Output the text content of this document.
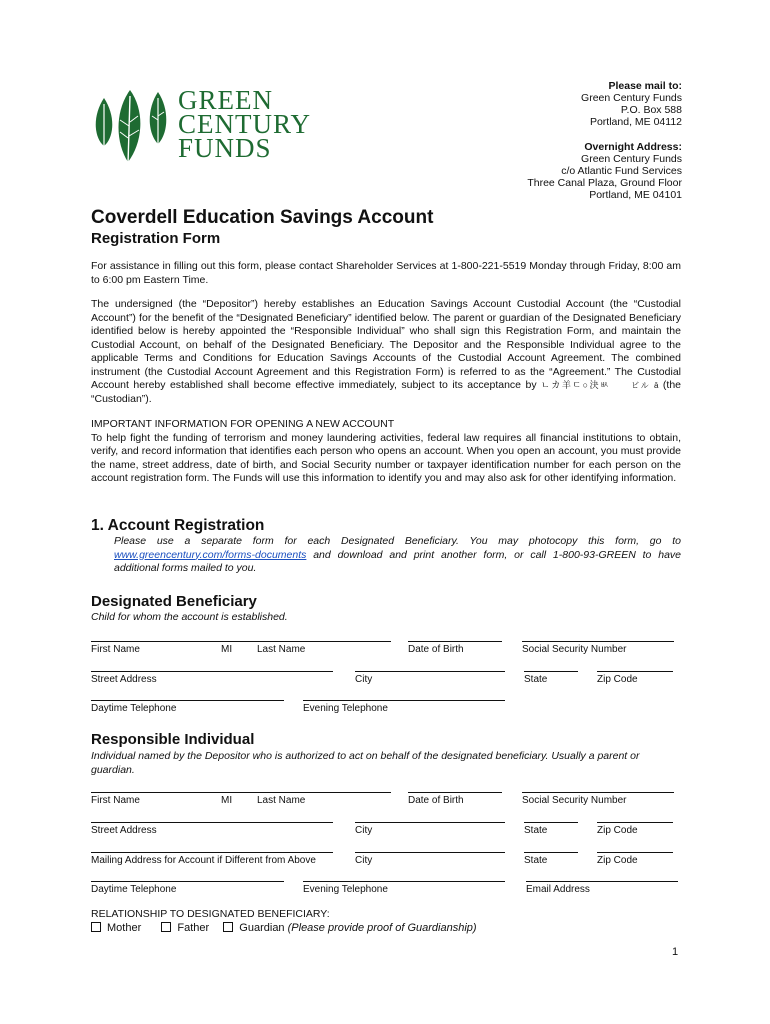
GREEN
CENTURY
FUNDS
Please mail to:
Green Century Funds
P.O. Box 588
Portland, ME 04112
Overnight Address:
Green Century Funds
c/o Atlantic Fund Services
Three Canal Plaza, Ground Floor
Portland, ME 04101
Coverdell Education Savings Account
Registration Form
For assistance in filling out this form, please contact Shareholder Services at 1-800-221-5519 Monday through Friday, 8:00 am to 6:00 pm Eastern Time.
The undersigned (the “Depositor”) hereby establishes an Education Savings Account Custodial Account (the “Custodial Account”) for the benefit of the “Designated Beneficiary” identified below. The parent or guardian of the Designated Beneficiary identified below is hereby appointed the “Responsible Individual” who shall sign this Registration Form, and maintain the Custodial Account, on behalf of the Designated Beneficiary. The Depositor and the Responsible Individual agree to the applicable Terms and Conditions for Education Savings Accounts of the Custodial Account Agreement. The combined instrument (the Custodial Account Agreement and this Registration Form) is referred to as the “Agreement.” The Custodial Account hereby established shall become effective immediately, subject to its acceptance by ㄴカ羊ㄷ○決ㅄ	ビル ā (the “Custodian”).
IMPORTANT INFORMATION FOR OPENING A NEW ACCOUNT
To help fight the funding of terrorism and money laundering activities, federal law requires all financial institutions to obtain, verify, and record information that identifies each person who opens an account. When you open an account, you must provide the name, street address, date of birth, and Social Security number or taxpayer identification number for each person on the account registration form. The Funds will use this information to identify you and may also ask for other identifying information.
1. Account Registration
Please use a separate form for each Designated Beneficiary. You may photocopy this form, go to www.greencentury.com/forms-documents and download and print another form, or call 1-800-93-GREEN to have additional forms mailed to you.
Designated Beneficiary
Child for whom the account is established.
First Name	MI Last Name	Date of Birth	Social Security Number
Street Address	City	State	Zip Code
Daytime Telephone	Evening Telephone
Responsible Individual
Individual named by the Depositor who is authorized to act on behalf of the designated beneficiary. Usually a parent or guardian.
First Name	MI Last Name	Date of Birth	Social Security Number
Street Address	City	State	Zip Code
Mailing Address for Account if Different from Above	City	State	Zip Code
Daytime Telephone	Evening Telephone	Email Address
RELATIONSHIP TO DESIGNATED BENEFICIARY:
Mother	Father	Guardian (Please provide proof of Guardianship)
1
